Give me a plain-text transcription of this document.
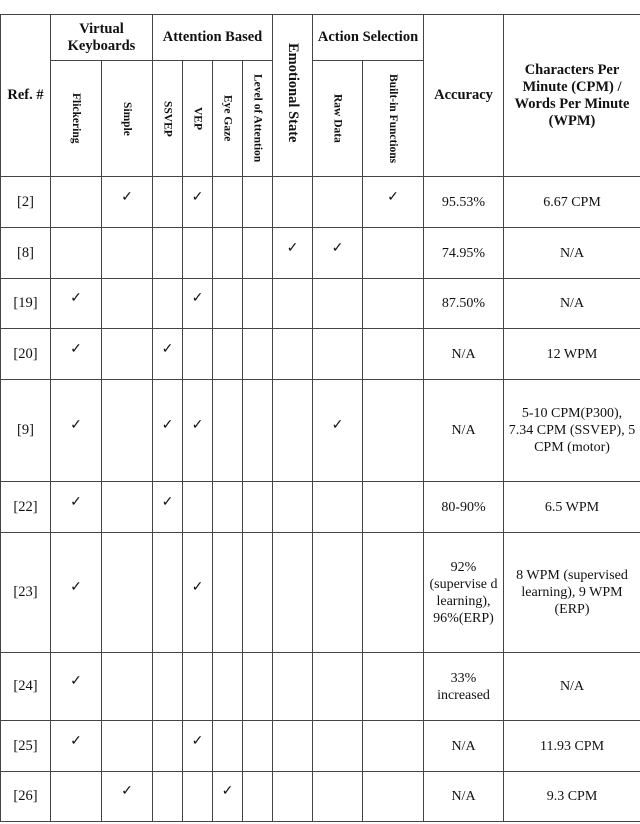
Ref. #	Virtual Keyboards		Attention Based				Emotional State	Action Selection		Accuracy	Characters Per Minute (CPM) / Words Per Minute (WPM)
	Flickering	Simple	SSVEP	VEP	Eye Gaze	Level of Attention		Raw Data	Built-in Functions		
[2]		✓		✓					✓	95.53%	6.67 CPM
[8]							✓	✓		74.95%	N/A
[19]	✓			✓						87.50%	N/A
[20]	✓		✓							N/A	12 WPM
[9]	✓		✓	✓				✓		N/A	5-10 CPM(P300), 7.34 CPM (SSVEP), 5 CPM (motor)
[22]	✓		✓							80-90%	6.5 WPM
[23]	✓			✓						92% (supervise d learning), 96%(ERP)	8 WPM (supervised learning), 9 WPM (ERP)
[24]	✓									33% increased	N/A
[25]	✓			✓						N/A	11.93 CPM
[26]		✓			✓					N/A	9.3 CPM
